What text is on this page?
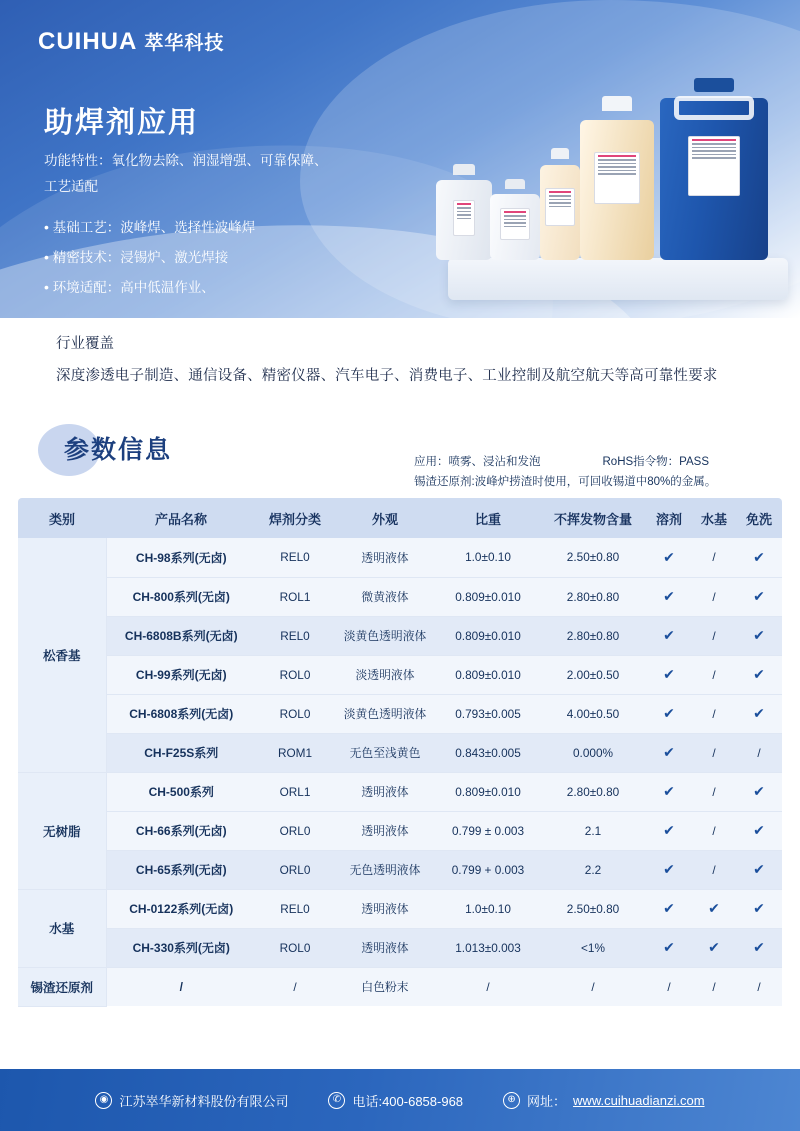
CUIHUA 萃华科技
助焊剂应用
功能特性：氧化物去除、润湿增强、可靠保障、
工艺适配
• 基础工艺：波峰焊、选择性波峰焊
• 精密技术：浸锡炉、激光焊接
• 环境适配：高中低温作业、
行业覆盖
深度渗透电子制造、通信设备、精密仪器、汽车电子、消费电子、工业控制及航空航天等高可靠性要求
参数信息	应用：喷雾、浸沾和发泡	RoHS指令物：PASS
锡渣还原剂:波峰炉捞渣时使用，可回收锡道中80%的金属。
类别	产品名称	焊剂分类	外观	比重	不挥发物含量	溶剂	水基	免洗
松香基	CH-98系列(无卤)	REL0	透明液体	1.0±0.10	2.50±0.80	✔	/	✔
	CH-800系列(无卤)	ROL1	微黄液体	0.809±0.010	2.80±0.80	✔	/	✔
	CH-6808B系列(无卤)	REL0	淡黄色透明液体	0.809±0.010	2.80±0.80	✔	/	✔
	CH-99系列(无卤)	ROL0	淡透明液体	0.809±0.010	2.00±0.50	✔	/	✔
	CH-6808系列(无卤)	ROL0	淡黄色透明液体	0.793±0.005	4.00±0.50	✔	/	✔
	CH-F25S系列	ROM1	无色至浅黄色	0.843±0.005	0.000%	✔	/	/
无树脂	CH-500系列	ORL1	透明液体	0.809±0.010	2.80±0.80	✔	/	✔
	CH-66系列(无卤)	ORL0	透明液体	0.799 ± 0.003	2.1	✔	/	✔
	CH-65系列(无卤)	ORL0	无色透明液体	0.799 + 0.003	2.2	✔	/	✔
水基	CH-0122系列(无卤)	REL0	透明液体	1.0±0.10	2.50±0.80	✔	✔	✔
	CH-330系列(无卤)	ROL0	透明液体	1.013±0.003	<1%	✔	✔	✔
锡渣还原剂	/	/	白色粉末	/	/	/	/	/
◉ 江苏崒华新材料股份有限公司	✆ 电话:400-6858-968	⊕ 网址： www.cuihuadianzi.com
